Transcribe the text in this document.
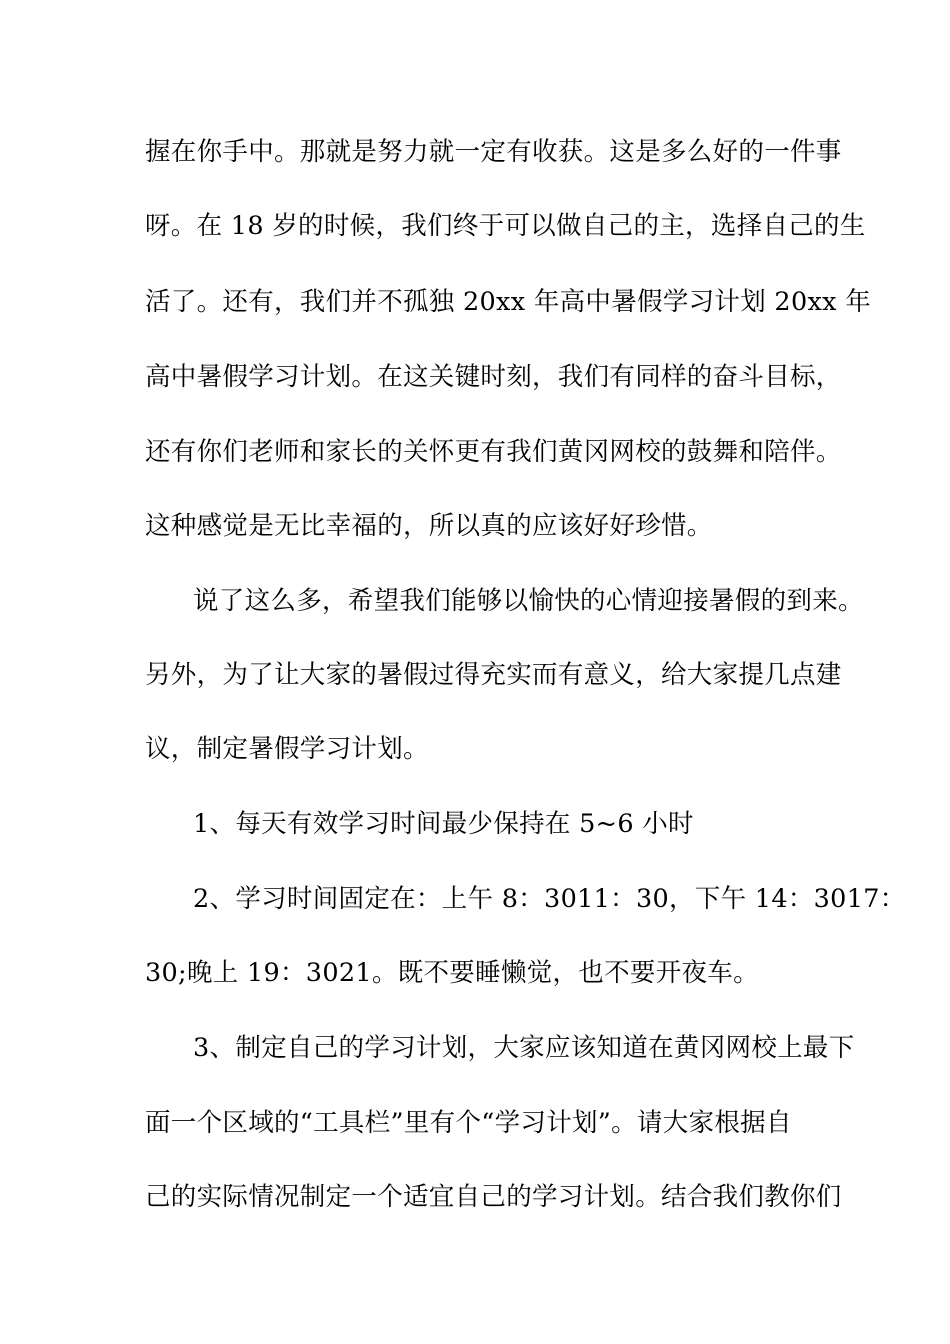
握在你手中。那就是努力就一定有收获。这是多么好的一件事
呀。在 18 岁的时候，我们终于可以做自己的主，选择自己的生
活了。还有，我们并不孤独 20xx 年高中暑假学习计划 20xx 年
高中暑假学习计划。在这关键时刻，我们有同样的奋斗目标，
还有你们老师和家长的关怀更有我们黄冈网校的鼓舞和陪伴。
这种感觉是无比幸福的，所以真的应该好好珍惜。
说了这么多，希望我们能够以愉快的心情迎接暑假的到来。
另外，为了让大家的暑假过得充实而有意义，给大家提几点建
议，制定暑假学习计划。
1、每天有效学习时间最少保持在 5~6 小时
2、学习时间固定在：上午 8：3011：30，下午 14：3017：
30;晚上 19：3021。既不要睡懒觉，也不要开夜车。
3、制定自己的学习计划，大家应该知道在黄冈网校上最下
面一个区域的“工具栏”里有个“学习计划”。请大家根据自
己的实际情况制定一个适宜自己的学习计划。结合我们教你们
